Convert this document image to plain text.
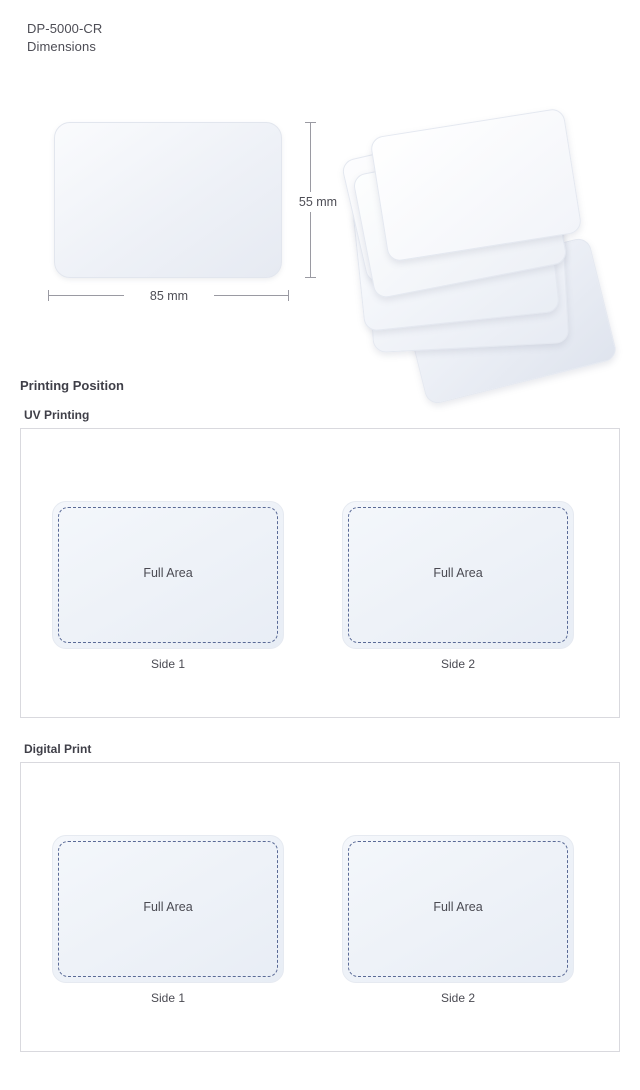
DP-5000-CR
Dimensions
55 mm
85 mm
Printing Position
UV Printing
Full Area
Side 1
Full Area
Side 2
Digital Print
Full Area
Side 1
Full Area
Side 2
